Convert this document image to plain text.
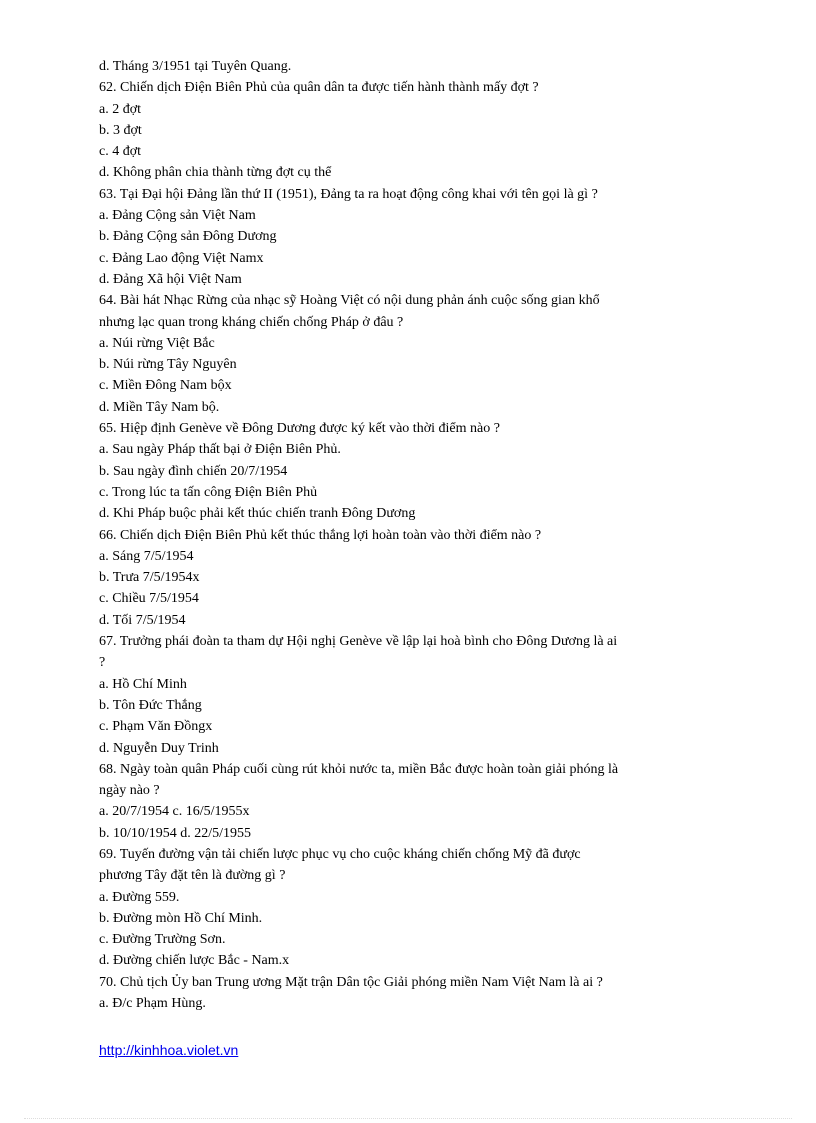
d. Tháng 3/1951 tại Tuyên Quang.
62. Chiến dịch Điện Biên Phủ của quân dân ta được tiến hành thành mấy đợt ?
a. 2 đợt
b. 3 đợt
c. 4 đợt
d. Không phân chia thành từng đợt cụ thể
63. Tại Đại hội Đảng lần thứ II (1951), Đảng ta ra hoạt động công khai với tên gọi là gì ?
a. Đảng Cộng sản Việt Nam
b. Đảng Cộng sản Đông Dương
c. Đảng Lao động Việt Namx
d. Đảng Xã hội Việt Nam
64. Bài hát Nhạc Rừng của nhạc sỹ Hoàng Việt có nội dung phản ánh cuộc sống gian khổ
nhưng lạc quan trong kháng chiến chống Pháp ở đâu ?
a. Núi rừng Việt Bắc
b. Núi rừng Tây Nguyên
c. Miền Đông Nam bộx
d. Miền Tây Nam bộ.
65. Hiệp định Genève về Đông Dương được ký kết vào thời điểm nào ?
a. Sau ngày Pháp thất bại ở Điện Biên Phủ.
b. Sau ngày đình chiến 20/7/1954
c. Trong lúc ta tấn công Điện Biên Phủ
d. Khi Pháp buộc phải kết thúc chiến tranh Đông Dương
66. Chiến dịch Điện Biên Phủ kết thúc thắng lợi hoàn toàn vào thời điểm nào ?
a. Sáng 7/5/1954
b. Trưa 7/5/1954x
c. Chiều 7/5/1954
d. Tối 7/5/1954
67. Trưởng phái đoàn ta tham dự Hội nghị Genève về lập lại hoà bình cho Đông Dương là ai
?
a. Hồ Chí Minh
b. Tôn Đức Thắng
c. Phạm Văn Đồngx
d. Nguyễn Duy Trinh
68. Ngày toàn quân Pháp cuối cùng rút khỏi nước ta, miền Bắc được hoàn toàn giải phóng là
ngày nào ?
a. 20/7/1954 c. 16/5/1955x
b. 10/10/1954 d. 22/5/1955
69. Tuyến đường vận tải chiến lược phục vụ cho cuộc kháng chiến chống Mỹ đã được
phương Tây đặt tên là đường gì ?
a. Đường 559.
b. Đường mòn Hồ Chí Minh.
c. Đường Trường Sơn.
d. Đường chiến lược Bắc - Nam.x
70. Chủ tịch Ủy ban Trung ương Mặt trận Dân tộc Giải phóng miền Nam Việt Nam là ai ?
a. Đ/c Phạm Hùng.
http://kinhhoa.violet.vn
